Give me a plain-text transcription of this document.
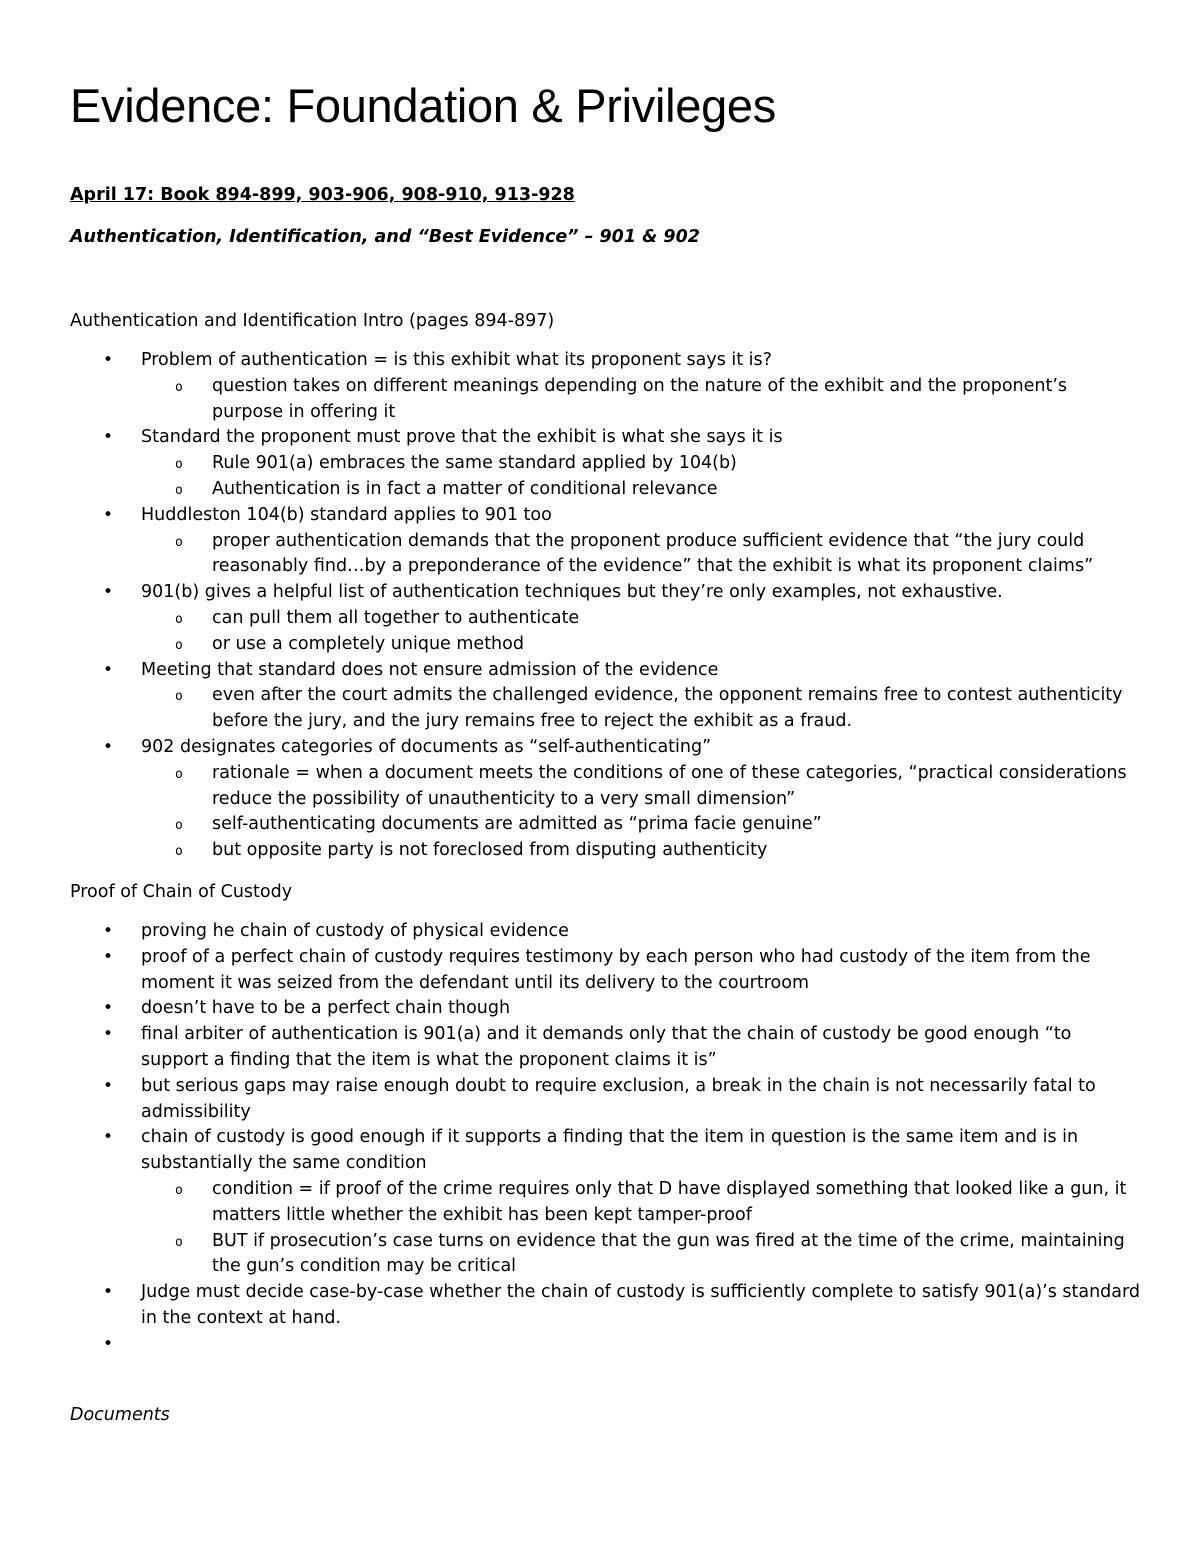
Evidence: Foundation & Privileges
April 17: Book 894-899, 903-906, 908-910, 913-928
Authentication, Identification, and “Best Evidence” – 901 & 902
Authentication and Identification Intro (pages 894-897)
• Problem of authentication = is this exhibit what its proponent says it is?
o question takes on different meanings depending on the nature of the exhibit and the proponent’s purpose in offering it
• Standard the proponent must prove that the exhibit is what she says it is
o Rule 901(a) embraces the same standard applied by 104(b)
o Authentication is in fact a matter of conditional relevance
• Huddleston 104(b) standard applies to 901 too
o proper authentication demands that the proponent produce sufficient evidence that “the jury could reasonably find…by a preponderance of the evidence” that the exhibit is what its proponent claims”
• 901(b) gives a helpful list of authentication techniques but they’re only examples, not exhaustive.
o can pull them all together to authenticate
o or use a completely unique method
• Meeting that standard does not ensure admission of the evidence
o even after the court admits the challenged evidence, the opponent remains free to contest authenticity before the jury, and the jury remains free to reject the exhibit as a fraud.
• 902 designates categories of documents as “self-authenticating”
o rationale = when a document meets the conditions of one of these categories, “practical considerations reduce the possibility of unauthenticity to a very small dimension”
o self-authenticating documents are admitted as “prima facie genuine”
o but opposite party is not foreclosed from disputing authenticity
Proof of Chain of Custody
• proving he chain of custody of physical evidence
• proof of a perfect chain of custody requires testimony by each person who had custody of the item from the moment it was seized from the defendant until its delivery to the courtroom
• doesn’t have to be a perfect chain though
• final arbiter of authentication is 901(a) and it demands only that the chain of custody be good enough “to support a finding that the item is what the proponent claims it is”
• but serious gaps may raise enough doubt to require exclusion, a break in the chain is not necessarily fatal to admissibility
• chain of custody is good enough if it supports a finding that the item in question is the same item and is in substantially the same condition
o condition = if proof of the crime requires only that D have displayed something that looked like a gun, it matters little whether the exhibit has been kept tamper-proof
o BUT if prosecution’s case turns on evidence that the gun was fired at the time of the crime, maintaining the gun’s condition may be critical
• Judge must decide case-by-case whether the chain of custody is sufficiently complete to satisfy 901(a)’s standard in the context at hand.
•
Documents
